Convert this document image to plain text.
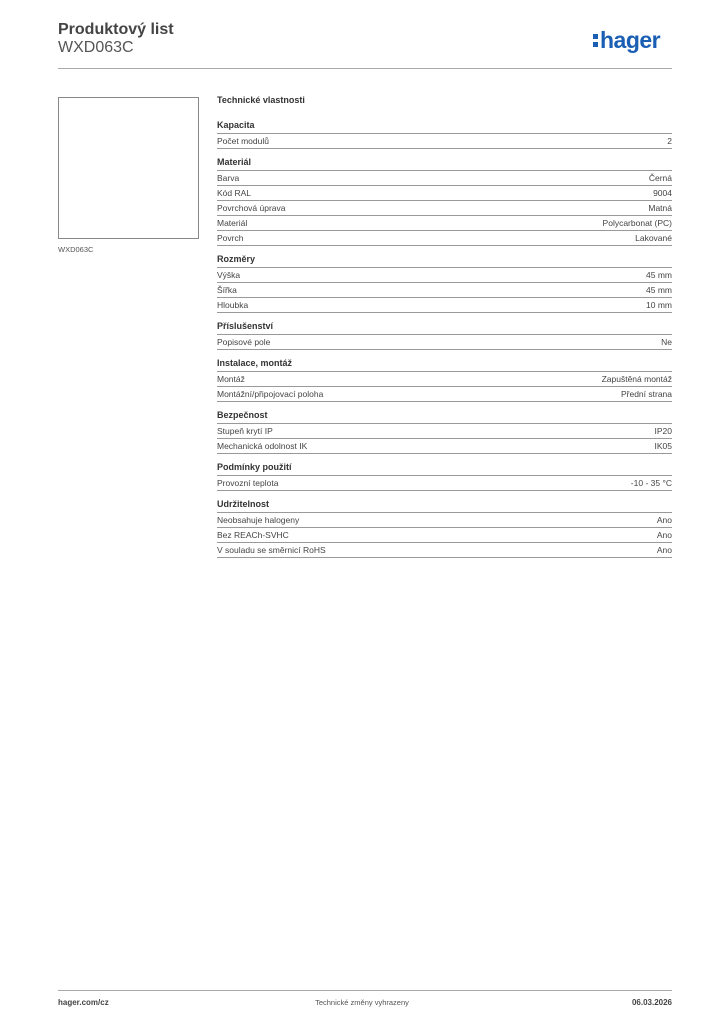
Produktový list
WXD063C	hager
WXD063C
Technické vlastnosti
Kapacita
Počet modulů	2
Materiál
Barva	Černá
Kód RAL	9004
Povrchová úprava	Matná
Materiál	Polycarbonat (PC)
Povrch	Lakované
Rozměry
Výška	45 mm
Šířka	45 mm
Hloubka	10 mm
Příslušenství
Popisové pole	Ne
Instalace, montáž
Montáž	Zapuštěná montáž
Montážní/připojovací poloha	Přední strana
Bezpečnost
Stupeň krytí IP	IP20
Mechanická odolnost IK	IK05
Podmínky použití
Provozní teplota	-10 - 35 °C
Udržitelnost
Neobsahuje halogeny	Ano
Bez REACh-SVHC	Ano
V souladu se směrnicí RoHS	Ano
hager.com/cz	Technické změny vyhrazeny	06.03.2026
